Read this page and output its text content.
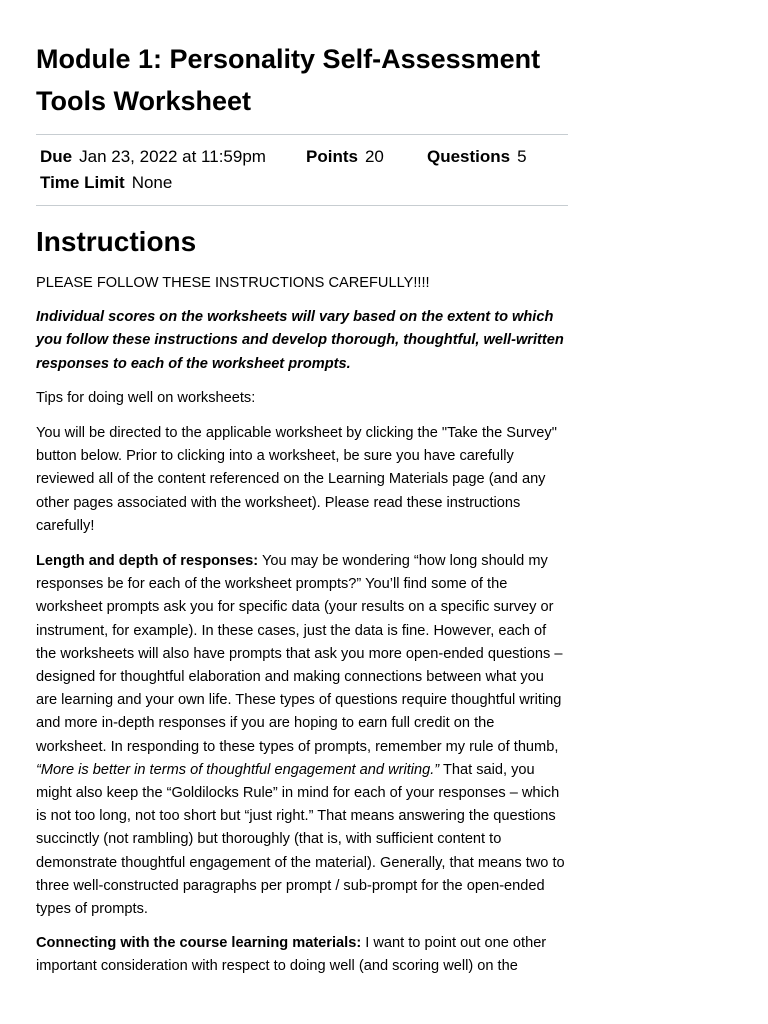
Module 1: Personality Self-Assessment Tools Worksheet
Due Jan 23, 2022 at 11:59pm Points 20	Questions 5
Time Limit None
Instructions

PLEASE FOLLOW THESE INSTRUCTIONS CAREFULLY!!!!

Individual scores on the worksheets will vary based on the extent to which you follow these instructions and develop thorough, thoughtful, well-written responses to each of the worksheet prompts.

Tips for doing well on worksheets:

You will be directed to the applicable worksheet by clicking the "Take the Survey" button below. Prior to clicking into a worksheet, be sure you have carefully reviewed all of the content referenced on the Learning Materials page (and any other pages associated with the worksheet). Please read these instructions carefully!

Length and depth of responses: You may be wondering “how long should my responses be for each of the worksheet prompts?” You’ll find some of the worksheet prompts ask you for specific data (your results on a specific survey or instrument, for example). In these cases, just the data is fine. However, each of the worksheets will also have prompts that ask you more open-ended questions – designed for thoughtful elaboration and making connections between what you are learning and your own life. These types of questions require thoughtful writing and more in-depth responses if you are hoping to earn full credit on the worksheet. In responding to these types of prompts, remember my rule of thumb, “More is better in terms of thoughtful engagement and writing.” That said, you might also keep the “Goldilocks Rule” in mind for each of your responses – which is not too long, not too short but “just right.” That means answering the questions succinctly (not rambling) but thoroughly (that is, with sufficient content to demonstrate thoughtful engagement of the material). Generally, that means two to three well-constructed paragraphs per prompt / sub-prompt for the open-ended types of prompts.

Connecting with the course learning materials: I want to point out one other important consideration with respect to doing well (and scoring well) on the
